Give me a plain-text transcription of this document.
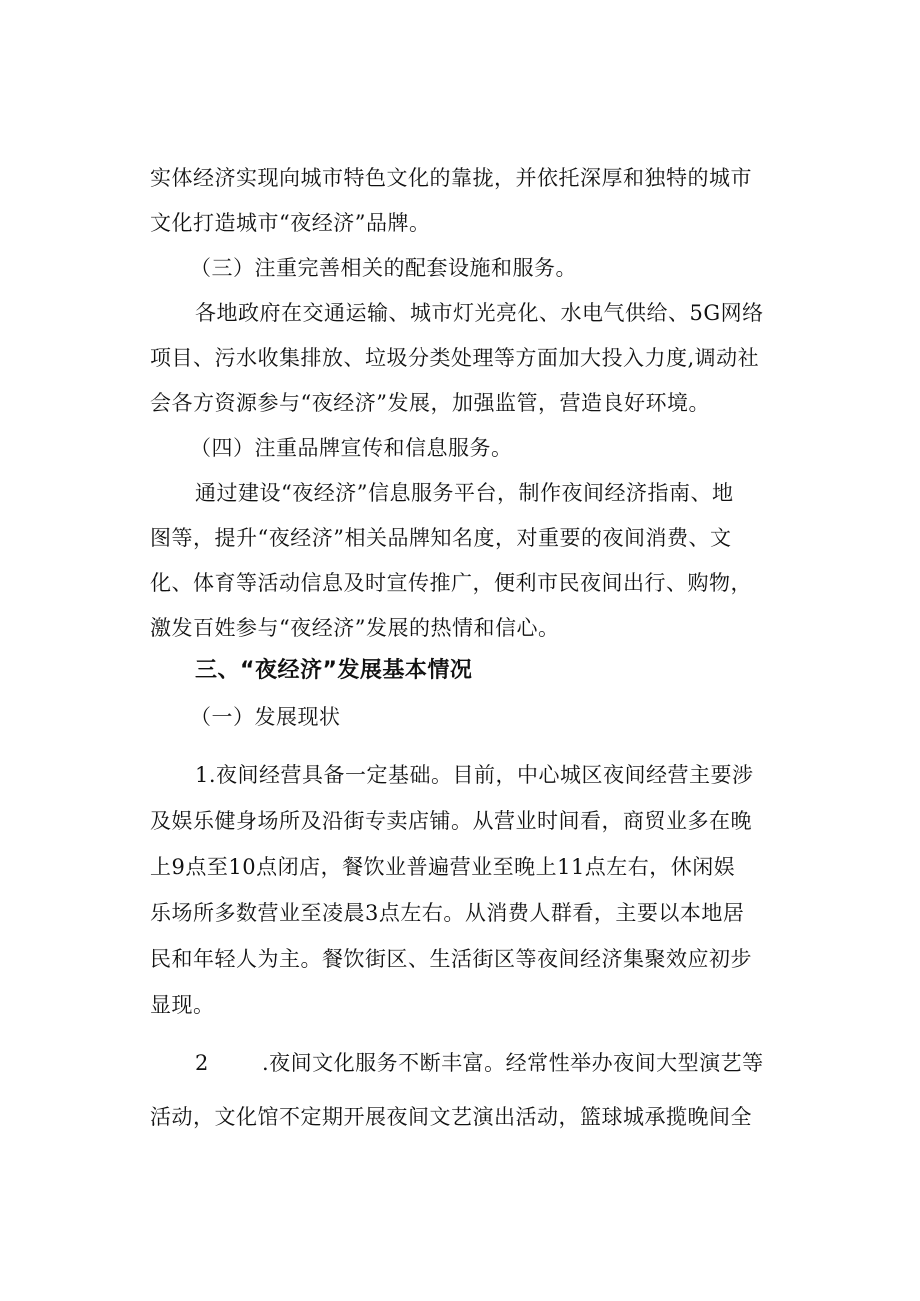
实体经济实现向城市特色文化的靠拢，并依托深厚和独特的城市
文化打造城市“夜经济”品牌。
（三）注重完善相关的配套设施和服务。
各地政府在交通运输、城市灯光亮化、水电气供给、5G网络
项目、污水收集排放、垃圾分类处理等方面加大投入力度,调动社
会各方资源参与“夜经济”发展，加强监管，营造良好环境。
（四）注重品牌宣传和信息服务。
通过建设“夜经济”信息服务平台，制作夜间经济指南、地
图等，提升“夜经济”相关品牌知名度，对重要的夜间消费、文
化、体育等活动信息及时宣传推广，便利市民夜间出行、购物，
激发百姓参与“夜经济”发展的热情和信心。
三、“夜经济”发展基本情况
（一）发展现状
1.夜间经营具备一定基础。目前，中心城区夜间经营主要涉
及娱乐健身场所及沿街专卖店铺。从营业时间看，商贸业多在晚
上9点至10点闭店，餐饮业普遍营业至晚上11点左右，休闲娱
乐场所多数营业至凌晨3点左右。从消费人群看，主要以本地居
民和年轻人为主。餐饮街区、生活街区等夜间经济集聚效应初步
显现。
2	.夜间文化服务不断丰富。经常性举办夜间大型演艺等
活动，文化馆不定期开展夜间文艺演出活动，篮球城承揽晚间全
